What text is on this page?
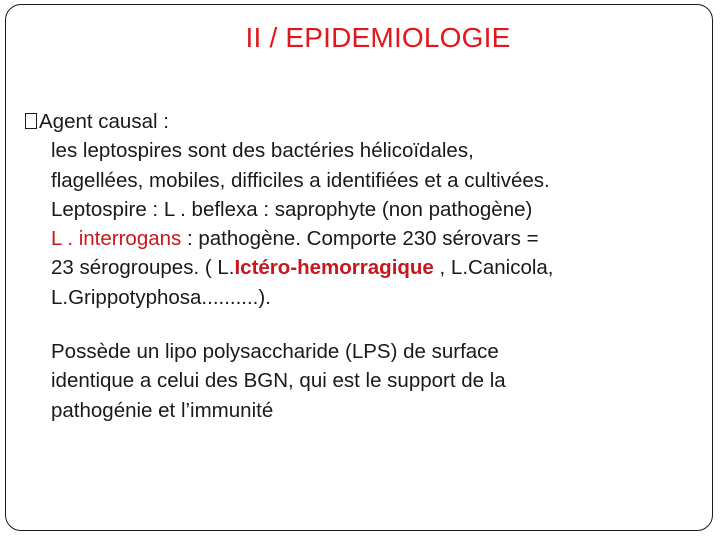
II / EPIDEMIOLOGIE
Agent causal :
les leptospires sont des bactéries hélicoïdales,
flagellées, mobiles, difficiles a identifiées et a cultivées.
Leptospire : L . beflexa : saprophyte (non pathogène)
L . interrogans : pathogène. Comporte 230 sérovars =
23 sérogroupes. ( L.Ictéro-hemorragique , L.Canicola,
L.Grippotyphosa..........).
Possède un lipo polysaccharide (LPS) de surface
identique a celui des BGN, qui est le support de la
pathogénie et l’immunité
